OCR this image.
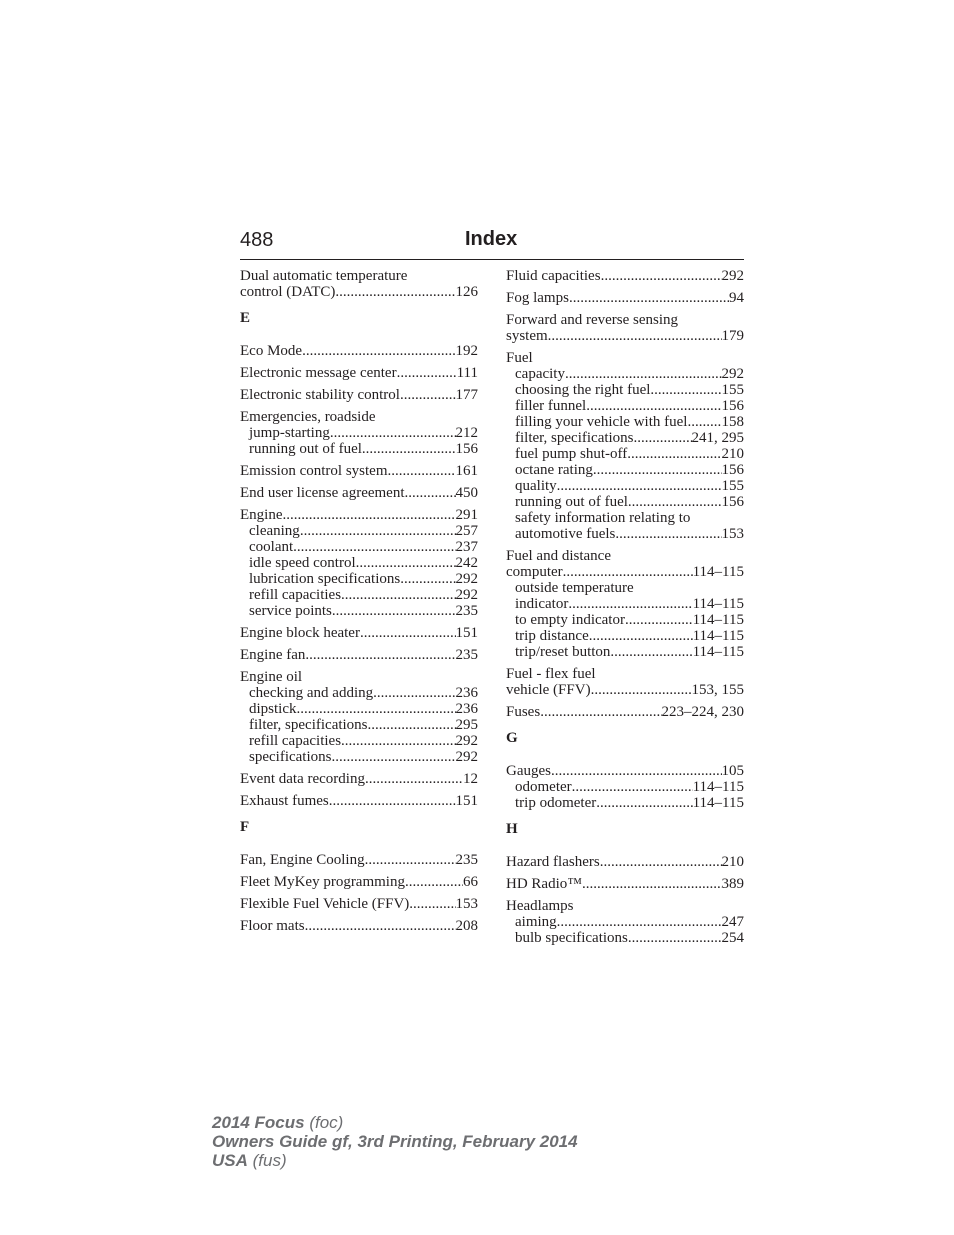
488	Index
Dual automatic temperature
control (DATC) .....	126
E
Eco Mode .....	192
Electronic message center .....	111
Electronic stability control .....	177
Emergencies, roadside
jump-starting .....	212
running out of fuel .....	156
Emission control system .....	161
End user license agreement .....	450
Engine .....	291
cleaning .....	257
coolant .....	237
idle speed control .....	242
lubrication specifications .....	292
refill capacities .....	292
service points .....	235
Engine block heater .....	151
Engine fan .....	235
Engine oil
checking and adding .....	236
dipstick .....	236
filter, specifications .....	295
refill capacities .....	292
specifications .....	292
Event data recording .....	12
Exhaust fumes .....	151
F
Fan, Engine Cooling .....	235
Fleet MyKey programming .....	66
Flexible Fuel Vehicle (FFV) .....	153
Floor mats .....	208
Fluid capacities .....	292
Fog lamps .....	94
Forward and reverse sensing
system .....	179
Fuel
capacity .....	292
choosing the right fuel .....	155
filler funnel .....	156
filling your vehicle with fuel ..... 158
filter, specifications .....	241, 295
fuel pump shut-off .....	210
octane rating .....	156
quality .....	155
running out of fuel .....	156
safety information relating to
automotive fuels .....	153
Fuel and distance
computer .....	114–115
outside temperature
indicator .....	114–115
to empty indicator .....	114–115
trip distance .....	114–115
trip/reset button .....	114–115
Fuel - flex fuel
vehicle (FFV) .....	153, 155
Fuses .....	223–224, 230
G
Gauges .....	105
odometer .....	114–115
trip odometer .....	114–115
H
Hazard flashers .....	210
HD Radio™ .....	389
Headlamps
aiming .....	247
bulb specifications .....	254
2014 Focus (foc)
Owners Guide gf, 3rd Printing, February 2014
USA (fus)
